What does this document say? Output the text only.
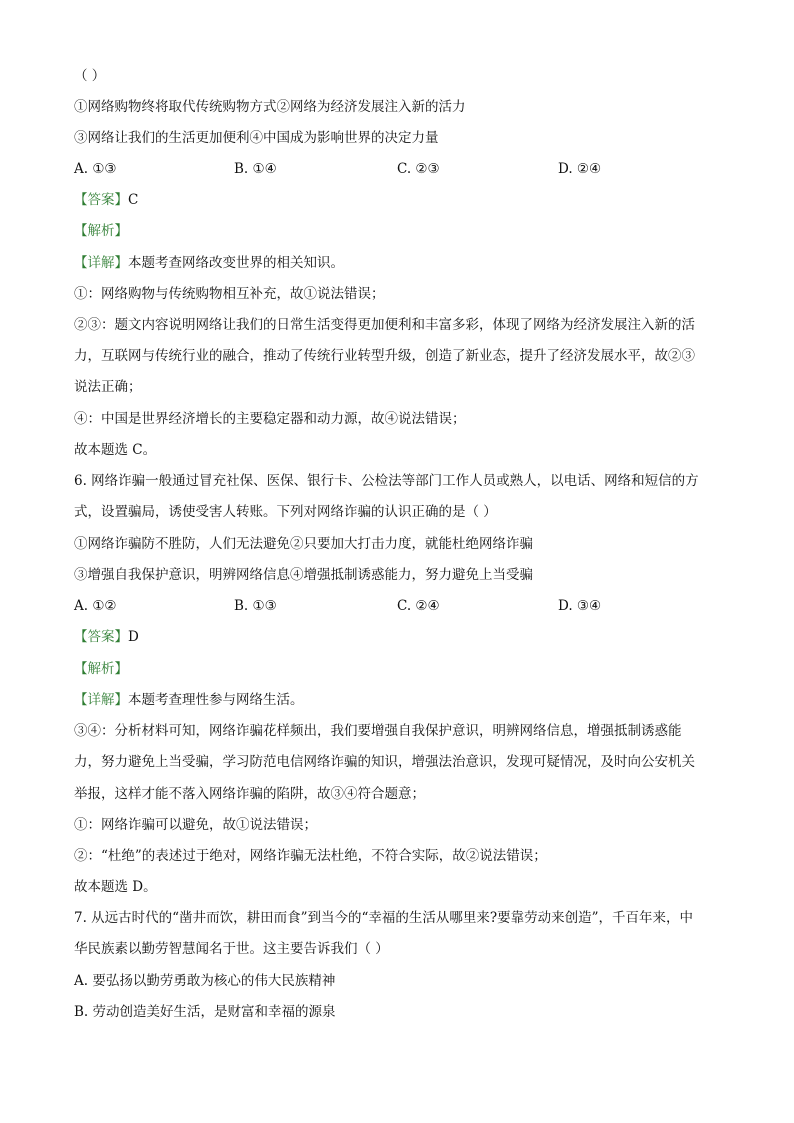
（ ）
①网络购物终将取代传统购物方式②网络为经济发展注入新的活力
③网络让我们的生活更加便利④中国成为影响世界的决定力量
A. ①③	B. ①④	C. ②③	D. ②④
【答案】C
【解析】
【详解】本题考查网络改变世界的相关知识。
①：网络购物与传统购物相互补充，故①说法错误；
②③：题文内容说明网络让我们的日常生活变得更加便利和丰富多彩，体现了网络为经济发展注入新的活
力，互联网与传统行业的融合，推动了传统行业转型升级，创造了新业态，提升了经济发展水平，故②③
说法正确；
④：中国是世界经济增长的主要稳定器和动力源，故④说法错误；
故本题选 C。
6. 网络诈骗一般通过冒充社保、医保、银行卡、公检法等部门工作人员或熟人，以电话、网络和短信的方
式，设置骗局，诱使受害人转账。下列对网络诈骗的认识正确的是（ ）
①网络诈骗防不胜防，人们无法避免②只要加大打击力度，就能杜绝网络诈骗
③增强自我保护意识，明辨网络信息④增强抵制诱惑能力，努力避免上当受骗
A. ①②	B. ①③	C. ②④	D. ③④
【答案】D
【解析】
【详解】本题考查理性参与网络生活。
③④：分析材料可知，网络诈骗花样频出，我们要增强自我保护意识，明辨网络信息，增强抵制诱惑能
力，努力避免上当受骗，学习防范电信网络诈骗的知识，增强法治意识，发现可疑情况，及时向公安机关
举报，这样才能不落入网络诈骗的陷阱，故③④符合题意；
①：网络诈骗可以避免，故①说法错误；
②：“杜绝”的表述过于绝对，网络诈骗无法杜绝，不符合实际，故②说法错误；
故本题选 D。
7. 从远古时代的“凿井而饮，耕田而食”到当今的“幸福的生活从哪里来?要靠劳动来创造”，千百年来，中
华民族素以勤劳智慧闻名于世。这主要告诉我们（ ）
A. 要弘扬以勤劳勇敢为核心的伟大民族精神
B. 劳动创造美好生活，是财富和幸福的源泉
